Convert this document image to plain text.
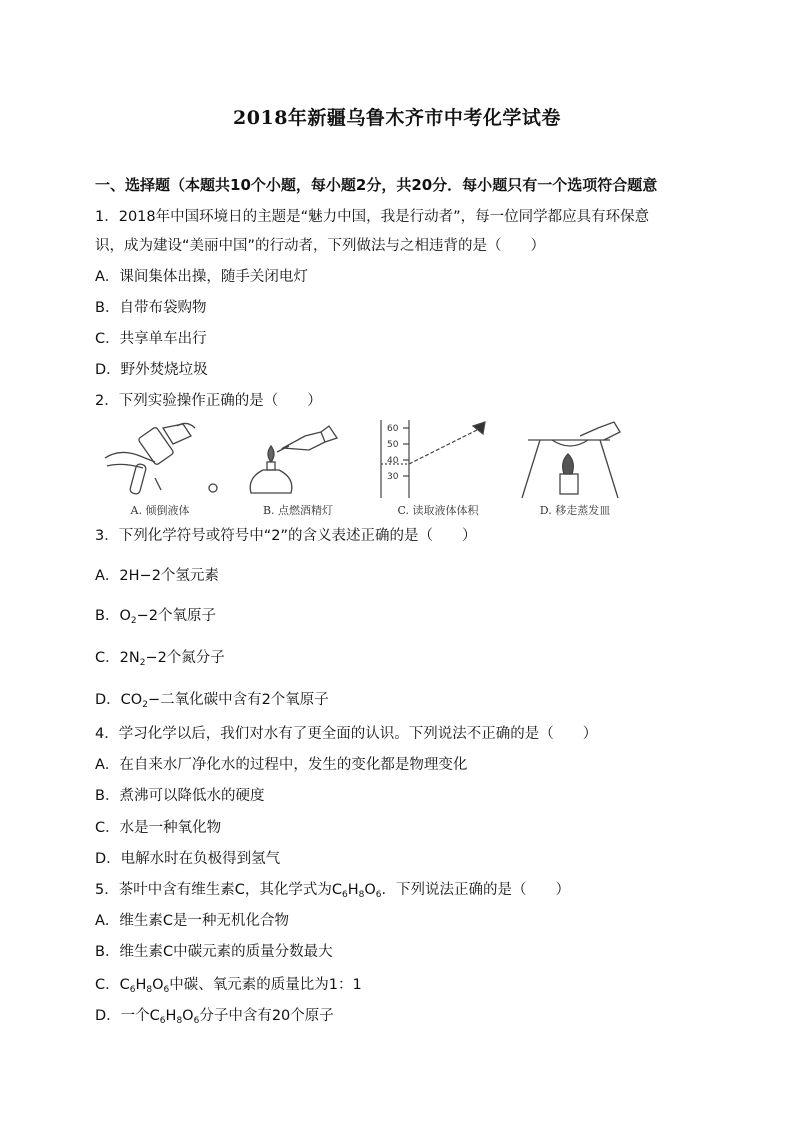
2018年新疆乌鲁木齐市中考化学试卷
一、选择题（本题共10个小题，每小题2分，共20分．每小题只有一个选项符合题意
1．2018年中国环境日的主题是“魅力中国，我是行动者”，每一位同学都应具有环保意
识，成为建设“美丽中国”的行动者，下列做法与之相违背的是（　　）
A．课间集体出操，随手关闭电灯
B．自带布袋购物
C．共享单车出行
D．野外焚烧垃圾
2．下列实验操作正确的是（　　）
A. 倾倒液体	B. 点燃酒精灯
60
50
40
30
C. 读取液体体积	D. 移走蒸发皿
3．下列化学符号或符号中“2”的含义表述正确的是（　　）
A．2H−2个氢元素
B．$O_2-2$个氧原子
C．$2N_2-2$个氮分子
D．$CO_2-$二氧化碳中含有2个氧原子
4．学习化学以后，我们对水有了更全面的认识。下列说法不正确的是（　　）
A．在自来水厂净化水的过程中，发生的变化都是物理变化
B．煮沸可以降低水的硬度
C．水是一种氧化物
D．电解水时在负极得到氢气
5．茶叶中含有维生素C，其化学式为$C_6H_8O_6$．下列说法正确的是（　　）
A．维生素C是一种无机化合物
B．维生素C中碳元素的质量分数最大
C．$C_6H_8O_6$中碳、氧元素的质量比为1：1
D．一个$C_6H_8O_6$分子中含有20个原子
